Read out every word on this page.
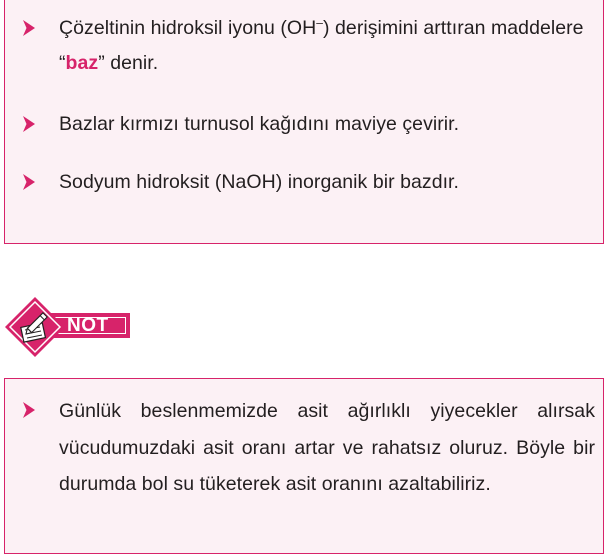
Çözeltinin hidroksil iyonu (OH–) derişimini arttıran maddelere “baz” denir.
Bazlar kırmızı turnusol kağıdını maviye çevirir.
Sodyum hidroksit (NaOH) inorganik bir bazdır.
NOT
Günlük beslenmemizde asit ağırlıklı yiyecekler alırsak vücudumuzdaki asit oranı artar ve rahatsız oluruz. Böyle bir durumda bol su tüketerek asit oranını azaltabiliriz.
